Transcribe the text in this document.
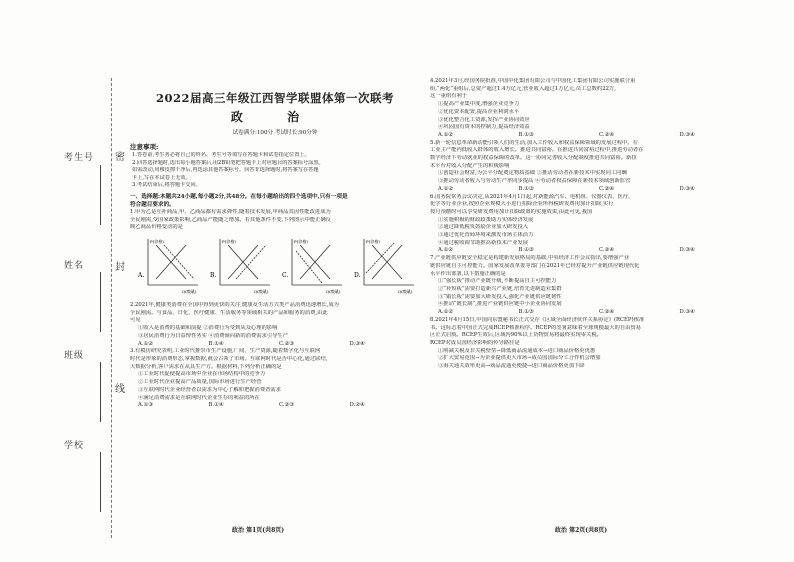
考生号 密
姓名	封
班级
线
学校
2022届高三年级江西智学联盟体第一次联考
政 治
试卷满分:100分 考试时长:90分钟
注意事项:
1.答卷前,考生务必将自己的姓名、考生号等填写在答题卡和试卷指定位置上。
2.回答选择题时,选出每小题答案后,用2B铅笔把答题卡上对应题目的答案标号涂黑。
如需改动,用橡皮擦干净后,再选涂其他答案标号。回答非选择题时,将答案写在答题
卡上,写在本试卷上无效。
3.考试结束后,将答题卡交回。
一、选择题:本题共24小题,每小题2分,共48分。在每小题给出的四个选项中,只有一项是
符合题目要求的。
1.甲为乙是互补商品,甲、乙商品都有需求弹性,随着技术发展,甲商品其因性能改进成为
全民刚需,受国家政策影响,乙商品产能随之增加。若其他条件不变,下列图示中能正确反
映乙商品价格变动的是
A.
P(价格)
Q(数量)
B.
P(价格)
Q(数量)
C.
P(价格)
Q(数量)
D.
P(价格)
Q(数量)
2.2021年,健康类消费在全国中得到更快的关注,健康及生活方式类产品消费迅速增长,成为
全民刚需。与食品、日化、医疗健康、生活服务等领域相关的产品和服务的消费,由此
可见
①收入是消费的基础和前提 ②消费行为受到从众心理的影响
③居民消费行为日益理性务实 ④消费倾向新的消费需求引导生产
A.①②	B.①④	C.②③	D.③④
3.有模仿研究表明,工业时代推崇市生产设施,厂间、生产资源,随着数字化与互联网
时代是形象的消费形态,掌握数据,就会占领了市场。互联网时代是否中心化,通过联结,
大数据分析,客户需求在从具生产方。根据材料,下列分析正确的是
①工业时代促使提高市场中企业在市场结构中的竞争力
②工业时代企业提高产品质量,国际市场进行生产经营
③互联网时代企业经营者以需求为中心了解和把握消费者需求
④满足消费需求是互联网时代企业生存的利益的所在
A.①③	B.①④	C.②③	D.②④
政治 第1页(共8页)
4.2021年3月,经国务院批准,中国中化集团有限公司与中国化工集团有限公司实施联合重
组,“两化”重组后,总资产超过1.4万亿元,营业收入超过1万亿元,员工总数约22万,
这一重组有利于
①提高产业集中度,增强企业竞争力
②优化资本配置,提高企业利润水平
③优化整合化工资源,发挥产业协同效应
④巩固国有资本的控制力,提高经济效益
A.①②	B.①③	C.②④	D.③④
5.新一轮信息革命新动能引领人们的生活,加入工作收入和权益保障领域的发展过程中。在
工业主产能内低收入群体的收入增长。推进共同富裕。在推进共同富裕过程中,推进劳动者在
数字经济下劳动就业的权益保障的改革。这一协同完善收入分配制度推进共同富裕。新技
术平台对收入分配产生的积极影响
①创造社会财富,为公平分配奠定物质基础 ②推动劳动者在新技术中实现同工同酬
③推动劳动者收入与劳动生产率同步提高 ④劳动者权益保障在新技术领域创新监管
A.①②	B.①③	C.②④	D.③④
6.国务院常务会议决定,从2021年4月1日起,对新能源汽车、电机组、仪器仪表、医疗、
化学等行业企业,按照企业规模大小进行扣除企业所得税研发费用加计扣除,实行
按月预缴时可以享受研发费用加计扣除政策的实施效果,由此可见,我国
①实施积极的财政政策助力实体经济发展
②通过降低税负鼓励企业加大研发投入
③通过优化营商环境来激发市场主体活力
④通过税收调节助推高新技术产业发展
A.①②	B.①③	C.②④	D.③④
7.产业链供应链安全稳定是构建新发展格局的基础,中央经济工作会议指出,要增强产业
链供应链自主可控能力。国家发展改革委等部门在2021年已经对提升产业链供应链现代化
水平作出部署,以下措施正确的是
①“强长板”推动产业链升级,不断提高自主可控能力
②“补短板”需要打造新兴产业链,培育先进制造业集群
③“锻长板”需要加大研发投入,强化产业链供应链韧性
④推动“链长制”,推进产业链供应链中小企业协同发展
A.①②	B.①③	C.②④	D.③④
8.2021年4月15日,中国向东盟秘书长正式交存《区域全面经济伙伴关系协定》(RCEP)核准
书。这标志着中国正式完成RCEP核准程序。RCEP的签署意味着全球规模最大的自由贸易
区正式启航。RCEP生效后,区域内90%以上货物贸易将最终实现零关税。
RCEP对成员国经济影响的传导路径是
①削减关税及非关税壁垒→降低商品流通成本→进口商品价格更优惠
②扩大贸易范围→为企业提供更大市场→成员国国际分工合作机会增加
③海关通关效率更高→商品流通更便捷→进口商品价格更加下降
政治 第2页(共8页)
